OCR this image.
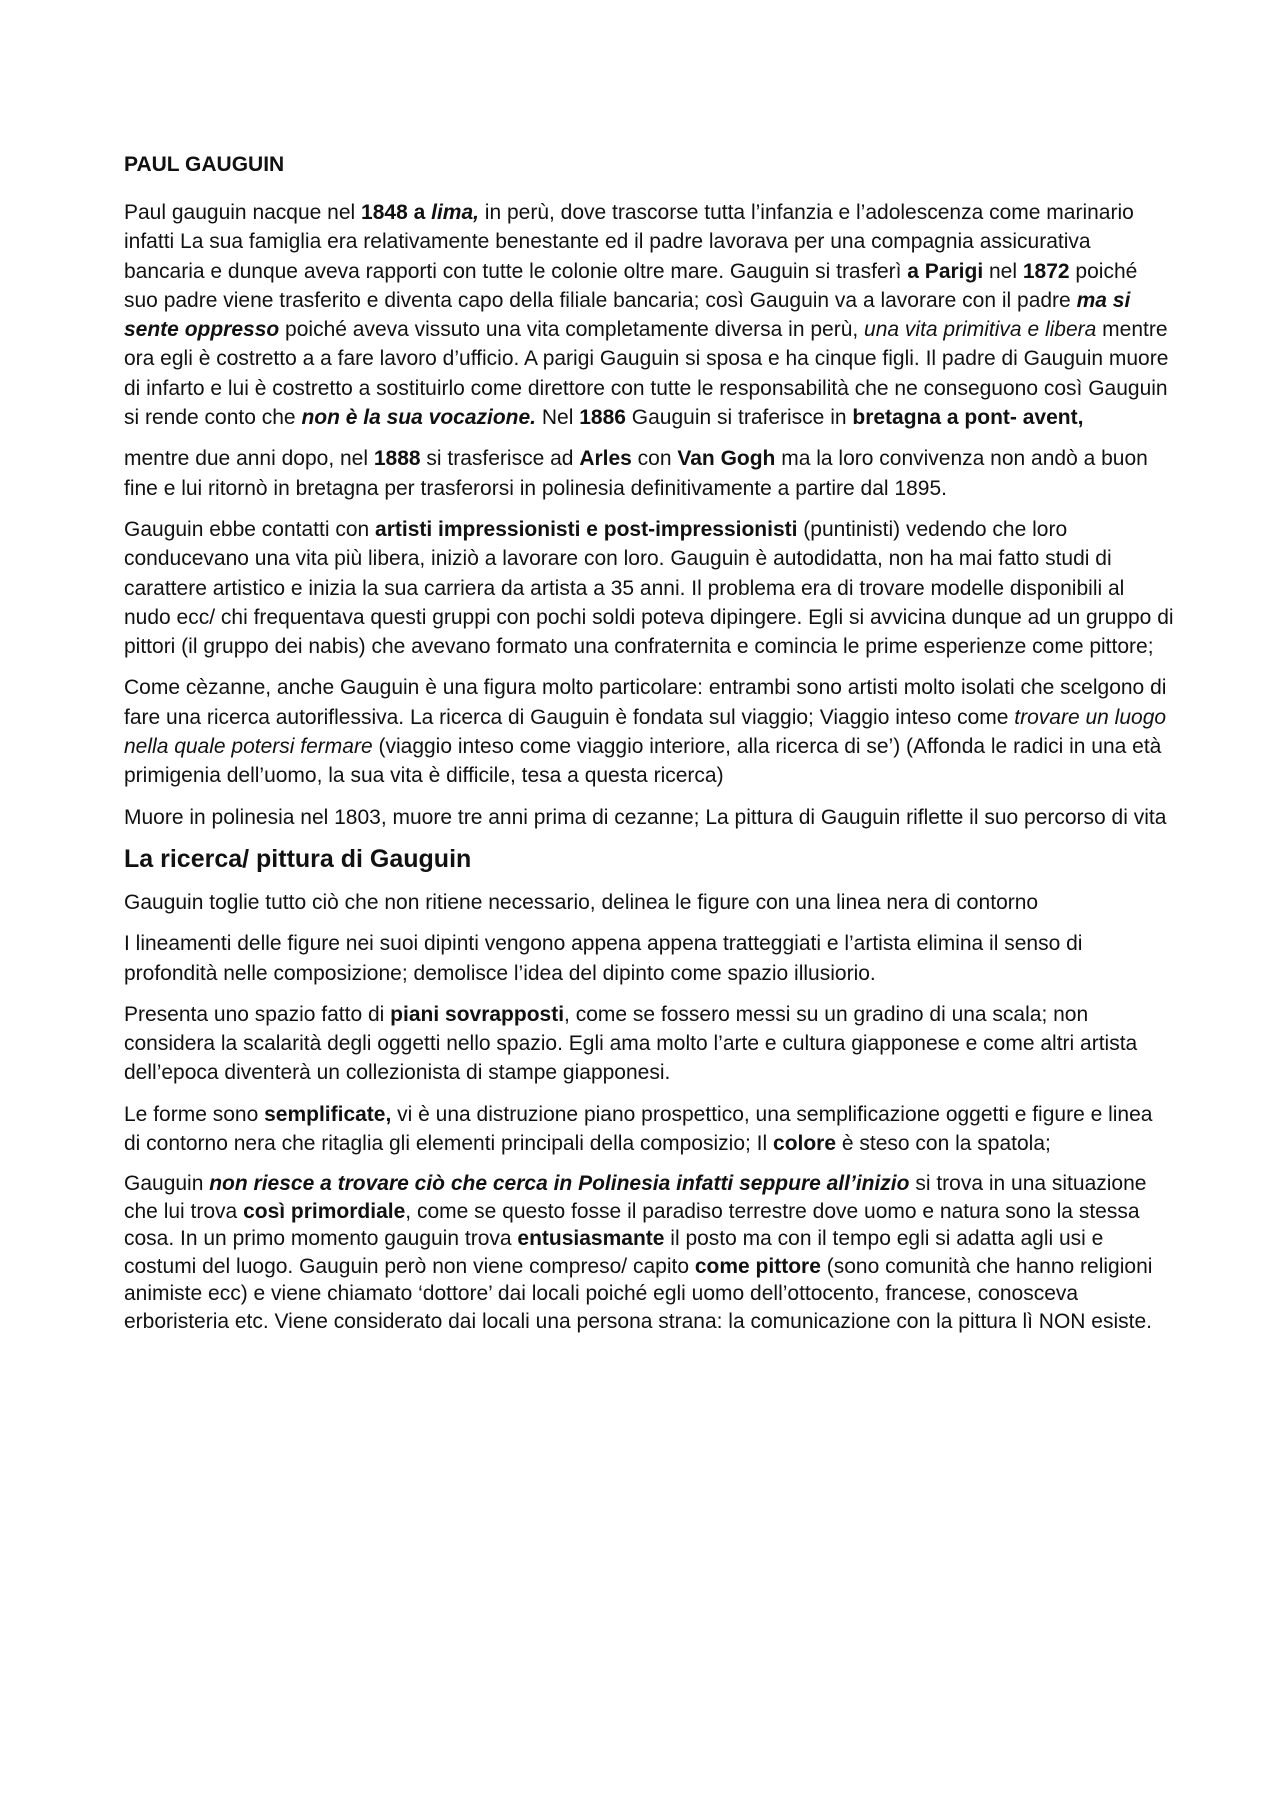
PAUL GAUGUIN

Paul gauguin nacque nel 1848 a lima, in perù, dove trascorse tutta l’infanzia e l’adolescenza come marinario infatti La sua famiglia era relativamente benestante ed il padre lavorava per una compagnia assicurativa bancaria e dunque aveva rapporti con tutte le colonie oltre mare. Gauguin si trasferì a Parigi nel 1872 poiché suo padre viene trasferito e diventa capo della filiale bancaria; così Gauguin va a lavorare con il padre ma si sente oppresso poiché aveva vissuto una vita completamente diversa in perù, una vita primitiva e libera mentre ora egli è costretto a a fare lavoro d’ufficio. A parigi Gauguin si sposa e ha cinque figli. Il padre di Gauguin muore di infarto e lui è costretto a sostituirlo come direttore con tutte le responsabilità che ne conseguono così Gauguin si rende conto che non è la sua vocazione. Nel 1886 Gauguin si traferisce in bretagna a pont- avent,

mentre due anni dopo, nel 1888 si trasferisce ad Arles con Van Gogh ma la loro convivenza non andò a buon fine e lui ritornò in bretagna per trasferorsi in polinesia definitivamente a partire dal 1895.

Gauguin ebbe contatti con artisti impressionisti e post-impressionisti (puntinisti) vedendo che loro conducevano una vita più libera, iniziò a lavorare con loro. Gauguin è autodidatta, non ha mai fatto studi di carattere artistico e inizia la sua carriera da artista a 35 anni. Il problema era di trovare modelle disponibili al nudo ecc/ chi frequentava questi gruppi con pochi soldi poteva dipingere. Egli si avvicina dunque ad un gruppo di pittori (il gruppo dei nabis) che avevano formato una confraternita e comincia le prime esperienze come pittore;

Come cèzanne, anche Gauguin è una figura molto particolare: entrambi sono artisti molto isolati che scelgono di fare una ricerca autoriflessiva. La ricerca di Gauguin è fondata sul viaggio; Viaggio inteso come trovare un luogo nella quale potersi fermare (viaggio inteso come viaggio interiore, alla ricerca di se’) (Affonda le radici in una età primigenia dell’uomo, la sua vita è difficile, tesa a questa ricerca)

Muore in polinesia nel 1803, muore tre anni prima di cezanne; La pittura di Gauguin riflette il suo percorso di vita

La ricerca/ pittura di Gauguin

Gauguin toglie tutto ciò che non ritiene necessario, delinea le figure con una linea nera di contorno

I lineamenti delle figure nei suoi dipinti vengono appena appena tratteggiati e l’artista elimina il senso di profondità nelle composizione; demolisce l’idea del dipinto come spazio illusiorio.

Presenta uno spazio fatto di piani sovrapposti, come se fossero messi su un gradino di una scala; non considera la scalarità degli oggetti nello spazio. Egli ama molto l’arte e cultura giapponese e come altri artista dell’epoca diventerà un collezionista di stampe giapponesi.

Le forme sono semplificate, vi è una distruzione piano prospettico, una semplificazione oggetti e figure e linea di contorno nera che ritaglia gli elementi principali della composizio; Il colore è steso con la spatola;

Gauguin non riesce a trovare ciò che cerca in Polinesia infatti seppure all’inizio si trova in una situazione che lui trova così primordiale, come se questo fosse il paradiso terrestre dove uomo e natura sono la stessa cosa. In un primo momento gauguin trova entusiasmante il posto ma con il tempo egli si adatta agli usi e costumi del luogo. Gauguin però non viene compreso/ capito come pittore (sono comunità che hanno religioni animiste ecc) e viene chiamato ‘dottore’ dai locali poiché egli uomo dell’ottocento, francese, conosceva erboristeria etc. Viene considerato dai locali una persona strana: la comunicazione con la pittura lì NON esiste.
